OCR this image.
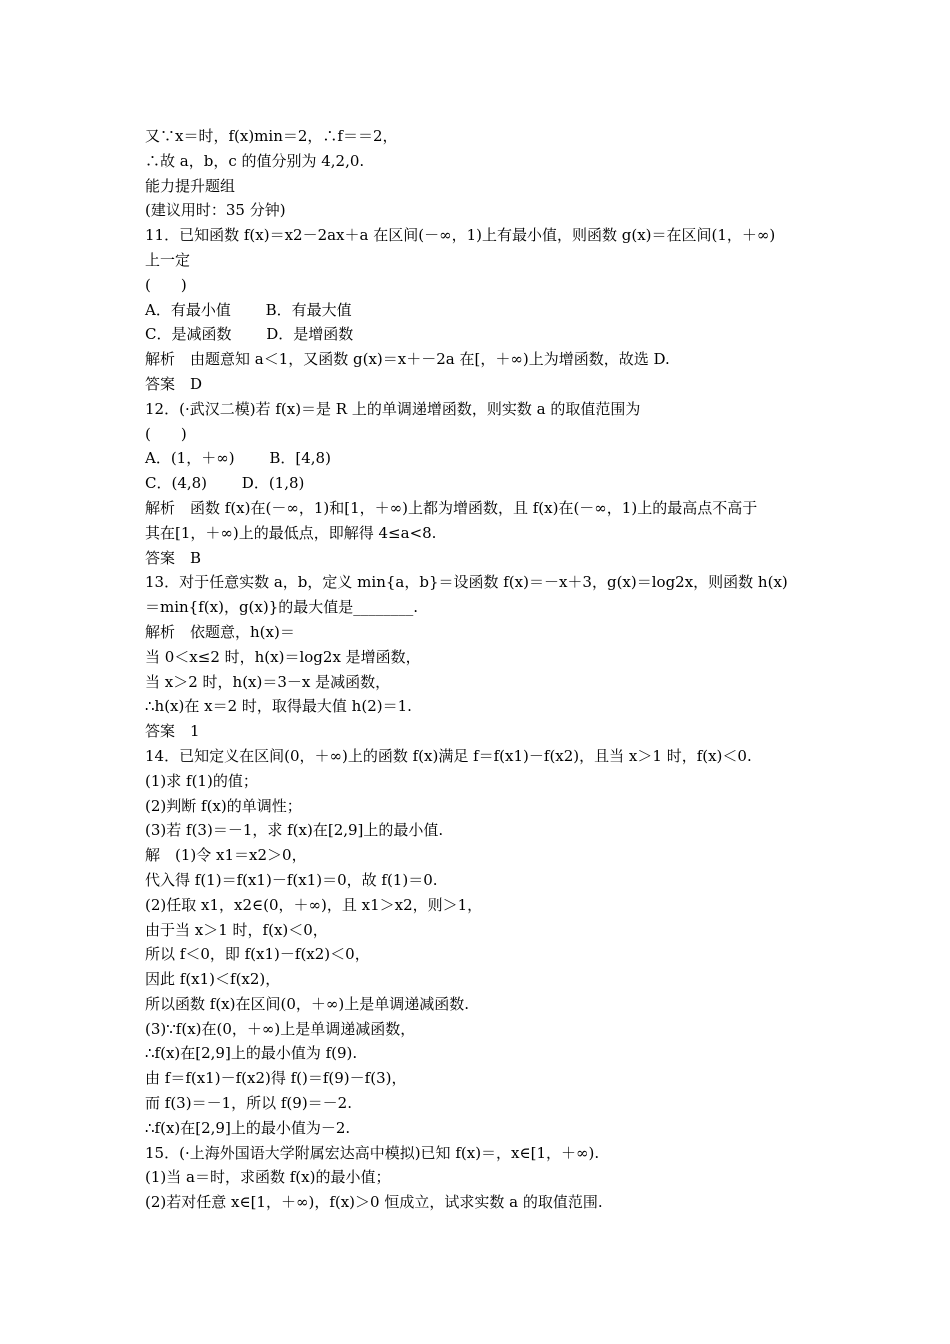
又∵x＝时，f(x)min＝2，∴f＝＝2，
∴故 a，b，c 的值分别为 4,2,0.
能力提升题组
(建议用时：35 分钟)
11．已知函数 f(x)＝x2－2ax＋a 在区间(－∞，1)上有最小值，则函数 g(x)＝在区间(1，＋∞)
上一定
(　　)
A．有最小值　　 B．有最大值
C．是减函数　　 D．是增函数
解析　由题意知 a＜1，又函数 g(x)＝x＋－2a 在[，＋∞)上为增函数，故选 D.
答案　D
12．(·武汉二模)若 f(x)＝是 R 上的单调递增函数，则实数 a 的取值范围为
(　　)
A．(1，＋∞)　　 B．[4,8)
C．(4,8)　　 D．(1,8)
解析　函数 f(x)在(－∞，1)和[1，＋∞)上都为增函数，且 f(x)在(－∞，1)上的最高点不高于
其在[1，＋∞)上的最低点，即解得 4≤a<8.
答案　B
13．对于任意实数 a，b，定义 min{a，b}＝设函数 f(x)＝－x＋3，g(x)＝log2x，则函数 h(x)
＝min{f(x)，g(x)}的最大值是________.
解析　依题意，h(x)＝
当 0＜x≤2 时，h(x)＝log2x 是增函数，
当 x＞2 时，h(x)＝3－x 是减函数，
∴h(x)在 x＝2 时，取得最大值 h(2)＝1.
答案　1
14．已知定义在区间(0，＋∞)上的函数 f(x)满足 f＝f(x1)－f(x2)，且当 x＞1 时，f(x)＜0.
(1)求 f(1)的值；
(2)判断 f(x)的单调性；
(3)若 f(3)＝－1，求 f(x)在[2,9]上的最小值.
解　(1)令 x1＝x2＞0，
代入得 f(1)＝f(x1)－f(x1)＝0，故 f(1)＝0.
(2)任取 x1，x2∈(0，＋∞)，且 x1＞x2，则＞1，
由于当 x＞1 时，f(x)＜0，
所以 f＜0，即 f(x1)－f(x2)＜0，
因此 f(x1)＜f(x2)，
所以函数 f(x)在区间(0，＋∞)上是单调递减函数.
(3)∵f(x)在(0，＋∞)上是单调递减函数，
∴f(x)在[2,9]上的最小值为 f(9).
由 f＝f(x1)－f(x2)得 f()＝f(9)－f(3)，
而 f(3)＝－1，所以 f(9)＝－2.
∴f(x)在[2,9]上的最小值为－2.
15．(·上海外国语大学附属宏达高中模拟)已知 f(x)＝，x∈[1，＋∞).
(1)当 a＝时，求函数 f(x)的最小值；
(2)若对任意 x∈[1，＋∞)，f(x)＞0 恒成立，试求实数 a 的取值范围.
